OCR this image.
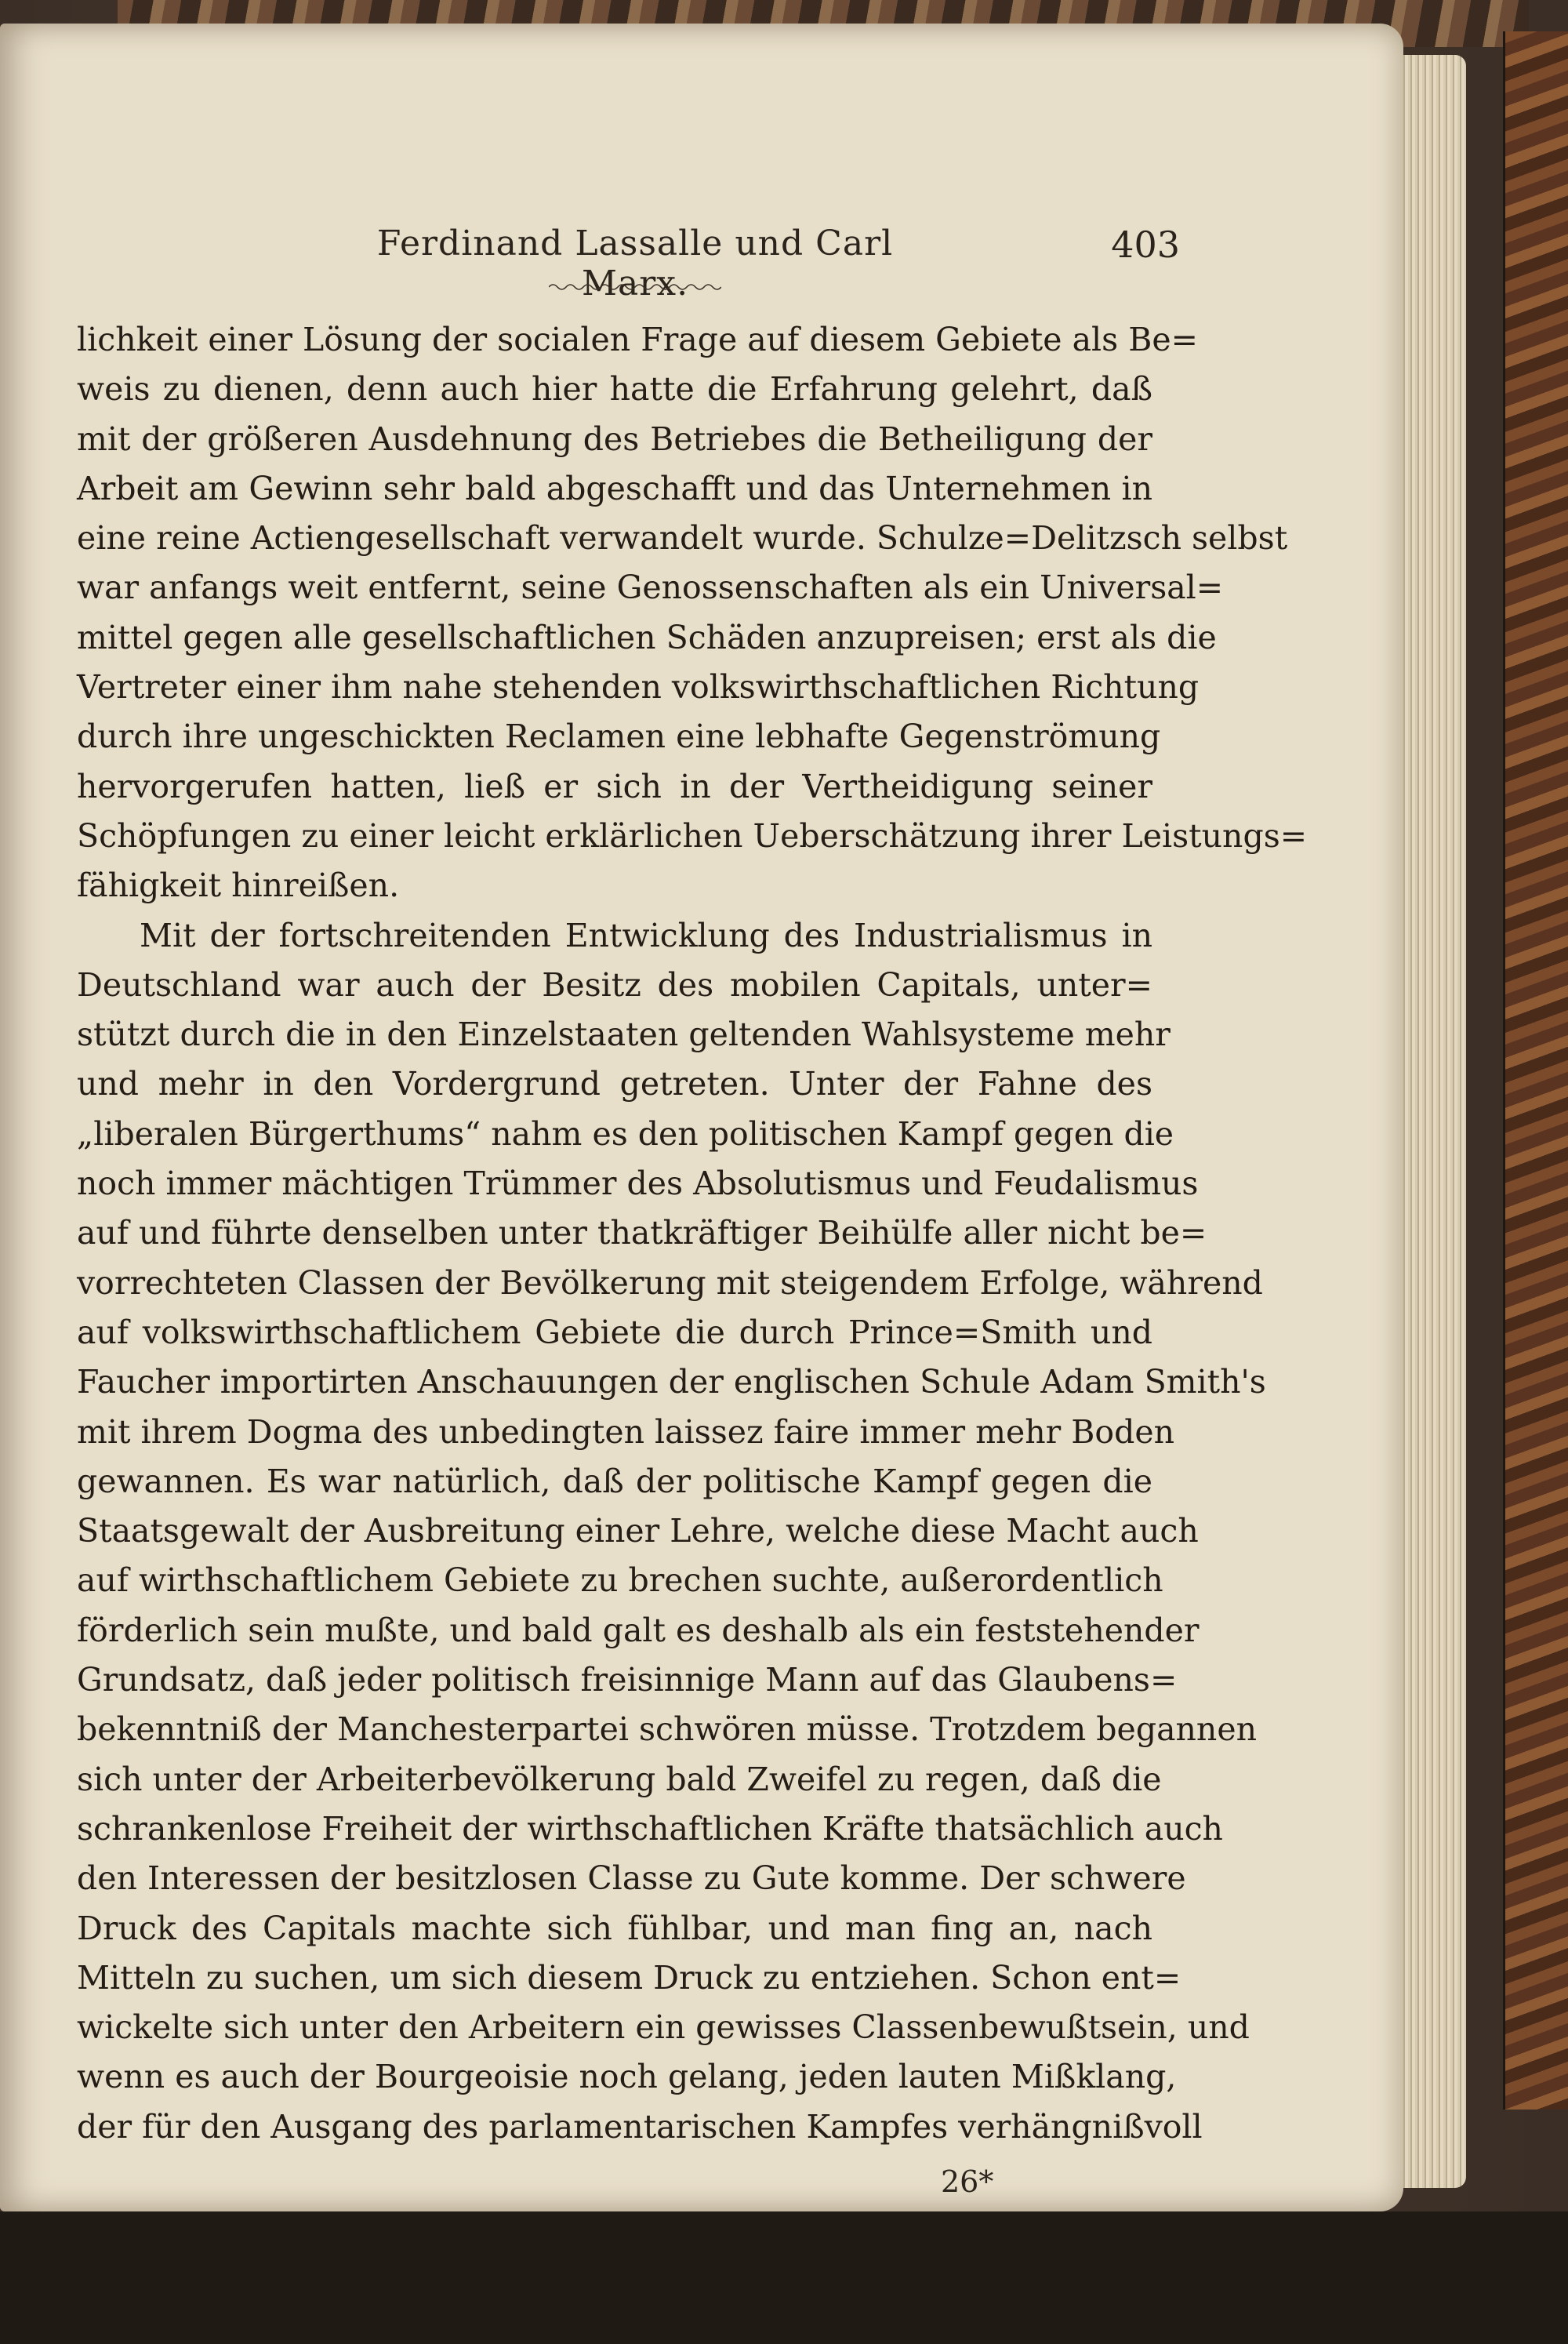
Ferdinand Lassalle und Carl Marx.
403
lichkeit einer Lösung der socialen Frage auf diesem Gebiete als Be=
weis zu dienen, denn auch hier hatte die Erfahrung gelehrt, daß
mit der größeren Ausdehnung des Betriebes die Betheiligung der
Arbeit am Gewinn sehr bald abgeschafft und das Unternehmen in
eine reine Actiengesellschaft verwandelt wurde. Schulze=Delitzsch selbst
war anfangs weit entfernt, seine Genossenschaften als ein Universal=
mittel gegen alle gesellschaftlichen Schäden anzupreisen; erst als die
Vertreter einer ihm nahe stehenden volkswirthschaftlichen Richtung
durch ihre ungeschickten Reclamen eine lebhafte Gegenströmung
hervorgerufen hatten, ließ er sich in der Vertheidigung seiner
Schöpfungen zu einer leicht erklärlichen Ueberschätzung ihrer Leistungs=
fähigkeit hinreißen.
Mit der fortschreitenden Entwicklung des Industrialismus in
Deutschland war auch der Besitz des mobilen Capitals, unter=
stützt durch die in den Einzelstaaten geltenden Wahlsysteme mehr
und mehr in den Vordergrund getreten. Unter der Fahne des
„liberalen Bürgerthums“ nahm es den politischen Kampf gegen die
noch immer mächtigen Trümmer des Absolutismus und Feudalismus
auf und führte denselben unter thatkräftiger Beihülfe aller nicht be=
vorrechteten Classen der Bevölkerung mit steigendem Erfolge, während
auf volkswirthschaftlichem Gebiete die durch Prince=Smith und
Faucher importirten Anschauungen der englischen Schule Adam Smith's
mit ihrem Dogma des unbedingten laissez faire immer mehr Boden
gewannen. Es war natürlich, daß der politische Kampf gegen die
Staatsgewalt der Ausbreitung einer Lehre, welche diese Macht auch
auf wirthschaftlichem Gebiete zu brechen suchte, außerordentlich
förderlich sein mußte, und bald galt es deshalb als ein feststehender
Grundsatz, daß jeder politisch freisinnige Mann auf das Glaubens=
bekenntniß der Manchesterpartei schwören müsse. Trotzdem begannen
sich unter der Arbeiterbevölkerung bald Zweifel zu regen, daß die
schrankenlose Freiheit der wirthschaftlichen Kräfte thatsächlich auch
den Interessen der besitzlosen Classe zu Gute komme. Der schwere
Druck des Capitals machte sich fühlbar, und man fing an, nach
Mitteln zu suchen, um sich diesem Druck zu entziehen. Schon ent=
wickelte sich unter den Arbeitern ein gewisses Classenbewußtsein, und
wenn es auch der Bourgeoisie noch gelang, jeden lauten Mißklang,
der für den Ausgang des parlamentarischen Kampfes verhängnißvoll
26*
